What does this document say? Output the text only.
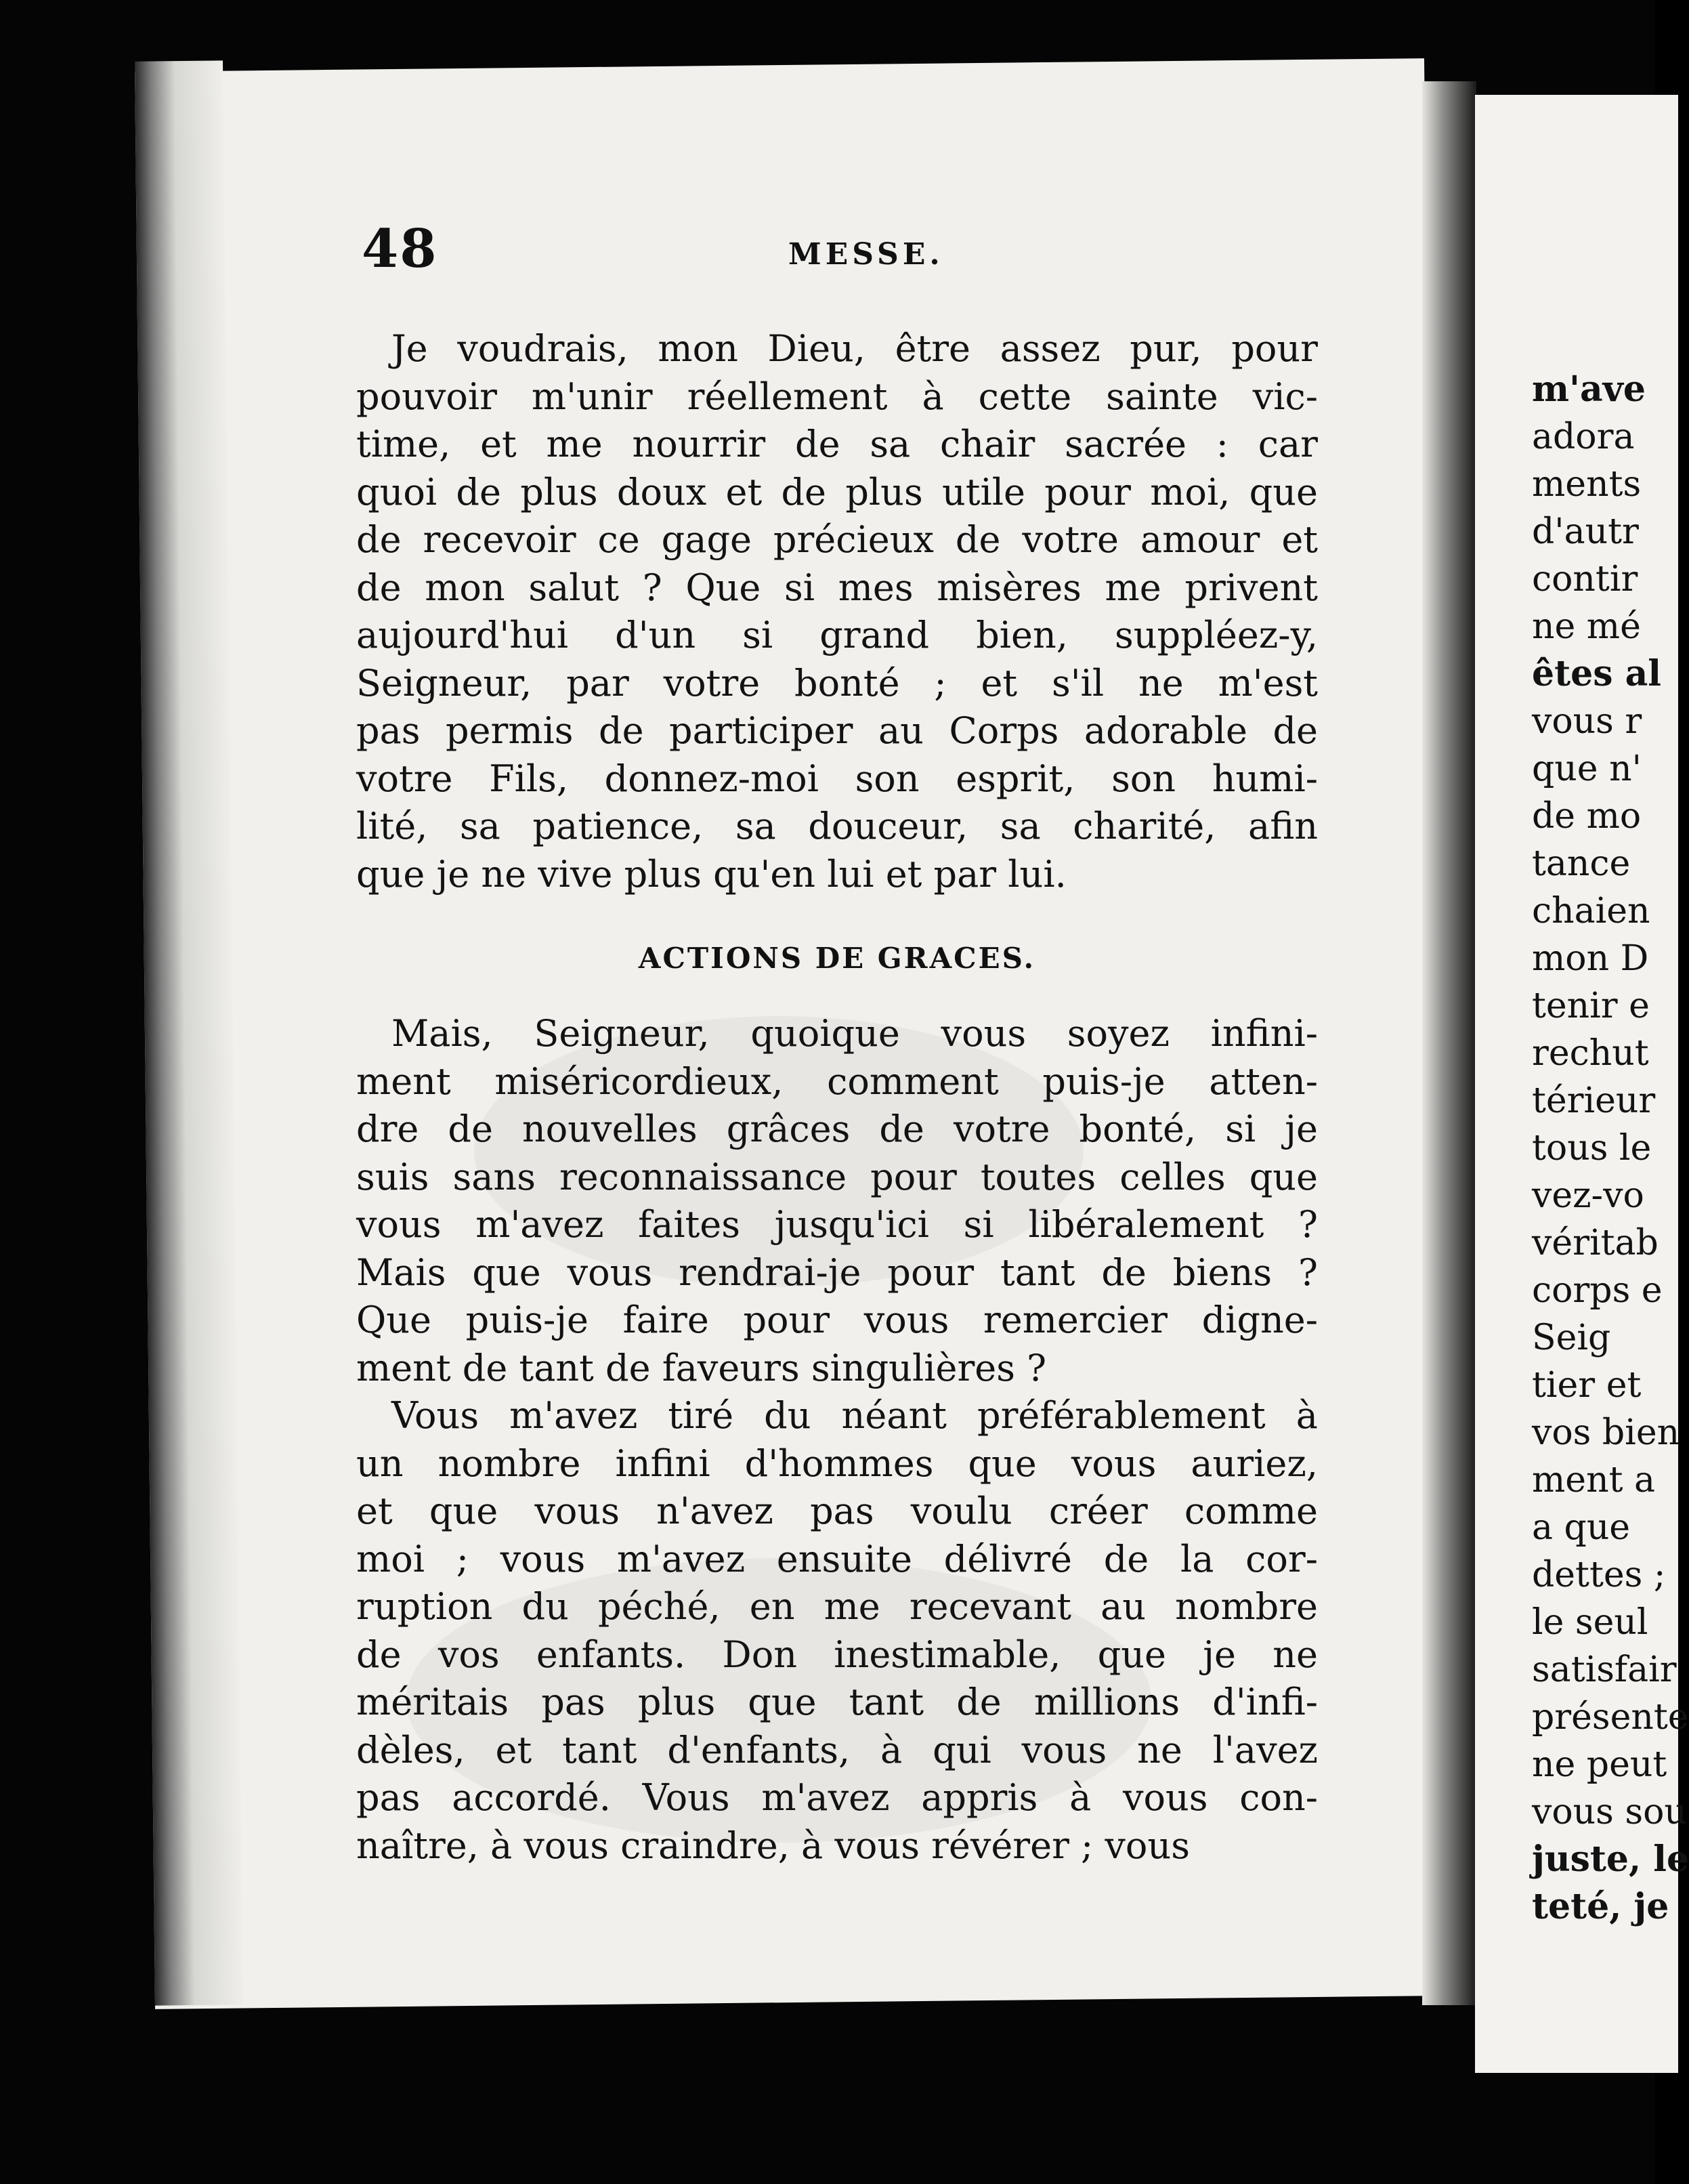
48	MESSE.

Je voudrais, mon Dieu, être assez pur, pour
pouvoir m'unir réellement à cette sainte vic-
time, et me nourrir de sa chair sacrée : car
quoi de plus doux et de plus utile pour moi, que
de recevoir ce gage précieux de votre amour et
de mon salut ? Que si mes misères me privent
aujourd'hui d'un si grand bien, suppléez-y,
Seigneur, par votre bonté ; et s'il ne m'est
pas permis de participer au Corps adorable de
votre Fils, donnez-moi son esprit, son humi-
lité, sa patience, sa douceur, sa charité, afin
que je ne vive plus qu'en lui et par lui.

ACTIONS DE GRACES.

Mais, Seigneur, quoique vous soyez infini-
ment miséricordieux, comment puis-je atten-
dre de nouvelles grâces de votre bonté, si je
suis sans reconnaissance pour toutes celles que
vous m'avez faites jusqu'ici si libéralement ?
Mais que vous rendrai-je pour tant de biens ?
Que puis-je faire pour vous remercier digne-
ment de tant de faveurs singulières ?

Vous m'avez tiré du néant préférablement à
un nombre infini d'hommes que vous auriez,
et que vous n'avez pas voulu créer comme
moi ; vous m'avez ensuite délivré de la cor-
ruption du péché, en me recevant au nombre
de vos enfants. Don inestimable, que je ne
méritais pas plus que tant de millions d'infi-
dèles, et tant d'enfants, à qui vous ne l'avez
pas accordé. Vous m'avez appris à vous con-
naître, à vous craindre, à vous révérer ; vous

m'ave
adora
ments
d'autr
contir
ne mé
êtes al
vous r
que n'
de mo
tance
chaien
mon D
tenir e
rechut
térieur
tous le
vez-vo
véritab
corps e
Seig
tier et
vos bien
ment a
a que
dettes ;
le seul
satisfair
présente
ne peut
vous sou
juste, le
teté, je
